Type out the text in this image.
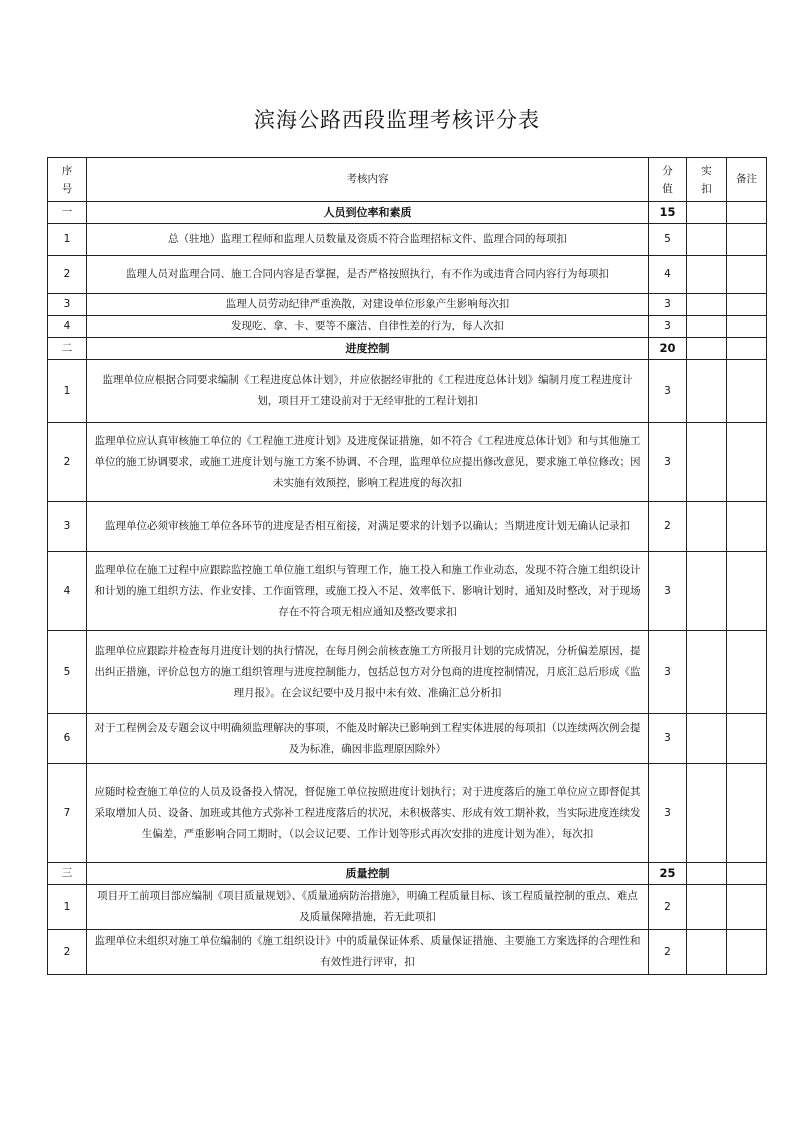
滨海公路西段监理考核评分表
序号	考核内容	分值	实扣	备注
一	人员到位率和素质	15		
1	总（驻地）监理工程师和监理人员数量及资质不符合监理招标文件、监理合同的每项扣	5		
2	监理人员对监理合同、施工合同内容是否掌握，是否严格按照执行，有不作为或违背合同内容行为每项扣	4		
3	监理人员劳动纪律严重涣散，对建设单位形象产生影响每次扣	3		
4	发现吃、拿、卡、要等不廉洁、自律性差的行为，每人次扣	3		
二	进度控制	20		
1	监理单位应根据合同要求编制《工程进度总体计划》，并应依据经审批的《工程进度总体计划》编制月度工程进度计划，项目开工建设前对于无经审批的工程计划扣	3		
2	监理单位应认真审核施工单位的《工程施工进度计划》及进度保证措施，如不符合《工程进度总体计划》和与其他施工单位的施工协调要求，或施工进度计划与施工方案不协调、不合理，监理单位应提出修改意见，要求施工单位修改；因未实施有效预控，影响工程进度的每次扣	3		
3	监理单位必须审核施工单位各环节的进度是否相互衔接，对满足要求的计划予以确认；当期进度计划无确认记录扣	2		
4	监理单位在施工过程中应跟踪监控施工单位施工组织与管理工作，施工投入和施工作业动态，发现不符合施工组织设计和计划的施工组织方法、作业安排、工作面管理，或施工投入不足、效率低下、影响计划时，通知及时整改，对于现场存在不符合项无相应通知及整改要求扣	3		
5	监理单位应跟踪并检查每月进度计划的执行情况，在每月例会前核查施工方所报月计划的完成情况，分析偏差原因，提出纠正措施，评价总包方的施工组织管理与进度控制能力，包括总包方对分包商的进度控制情况，月底汇总后形成《监理月报》。在会议纪要中及月报中未有效、准确汇总分析扣	3		
6	对于工程例会及专题会议中明确须监理解决的事项，不能及时解决已影响到工程实体进展的每项扣（以连续两次例会提及为标准，确因非监理原因除外）	3		
7	应随时检查施工单位的人员及设备投入情况，督促施工单位按照进度计划执行；对于进度落后的施工单位应立即督促其采取增加人员、设备、加班或其他方式弥补工程进度落后的状况，未积极落实、形成有效工期补救，当实际进度连续发生偏差，严重影响合同工期时，（以会议记要、工作计划等形式再次安排的进度计划为准），每次扣	3		
三	质量控制	25		
1	项目开工前项目部应编制《项目质量规划》、《质量通病防治措施》，明确工程质量目标、该工程质量控制的重点、难点及质量保障措施，若无此项扣	2		
2	监理单位未组织对施工单位编制的《施工组织设计》中的质量保证体系、质量保证措施、主要施工方案选择的合理性和有效性进行评审，扣	2		
